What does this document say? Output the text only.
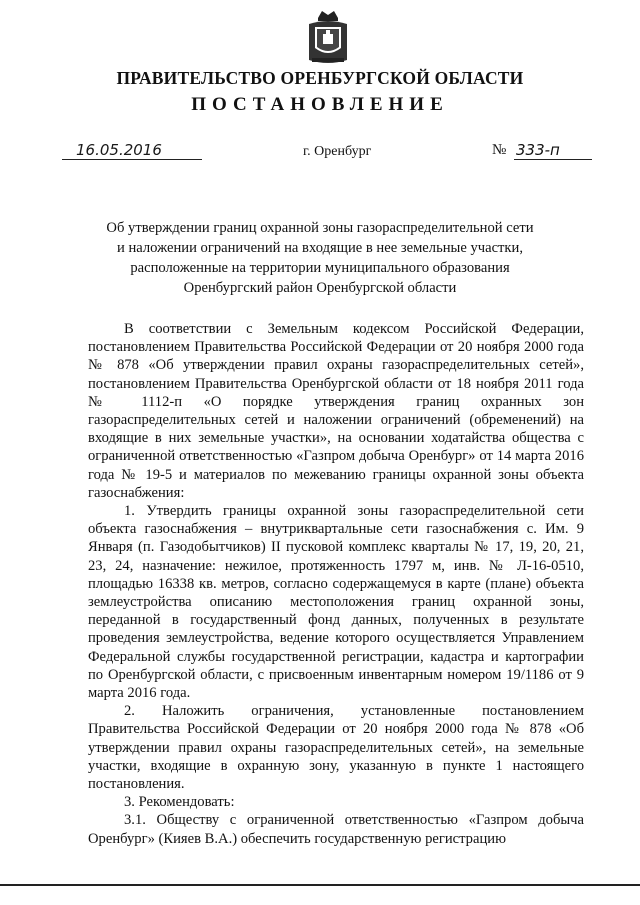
ПРАВИТЕЛЬСТВО ОРЕНБУРГСКОЙ ОБЛАСТИ
ПОСТАНОВЛЕНИЕ
16.05.2016	г. Оренбург	№ 333-п
Об утверждении границ охранной зоны газораспределительной сети
и наложении ограничений на входящие в нее земельные участки,
расположенные на территории муниципального образования
Оренбургский район Оренбургской области

В соответствии с Земельным кодексом Российской Федерации, постановлением Правительства Российской Федерации от 20 ноября 2000 года № 878 «Об утверждении правил охраны газораспределительных сетей», постановлением Правительства Оренбургской области от 18 ноября 2011 года № 1112-п «О порядке утверждения границ охранных зон газораспределительных сетей и наложении ограничений (обременений) на входящие в них земельные участки», на основании ходатайства общества с ограниченной ответственностью «Газпром добыча Оренбург» от 14 марта 2016 года № 19-5 и материалов по межеванию границы охранной зоны объекта газоснабжения:

1. Утвердить границы охранной зоны газораспределительной сети объекта газоснабжения – внутриквартальные сети газоснабжения с. Им. 9 Января (п. Газодобытчиков) II пусковой комплекс кварталы № 17, 19, 20, 21, 23, 24, назначение: нежилое, протяженность 1797 м, инв. № Л-16-0510, площадью 16338 кв. метров, согласно содержащемуся в карте (плане) объекта землеустройства описанию местоположения границ охранной зоны, переданной в государственный фонд данных, полученных в результате проведения землеустройства, ведение которого осуществляется Управлением Федеральной службы государственной регистрации, кадастра и картографии по Оренбургской области, с присвоенным инвентарным номером 19/1186 от 9 марта 2016 года.

2. Наложить ограничения, установленные постановлением Правительства Российской Федерации от 20 ноября 2000 года № 878 «Об утверждении правил охраны газораспределительных сетей», на земельные участки, входящие в охранную зону, указанную в пункте 1 настоящего постановления.

3. Рекомендовать:

3.1. Обществу с ограниченной ответственностью «Газпром добыча Оренбург» (Кияев В.А.) обеспечить государственную регистрацию
